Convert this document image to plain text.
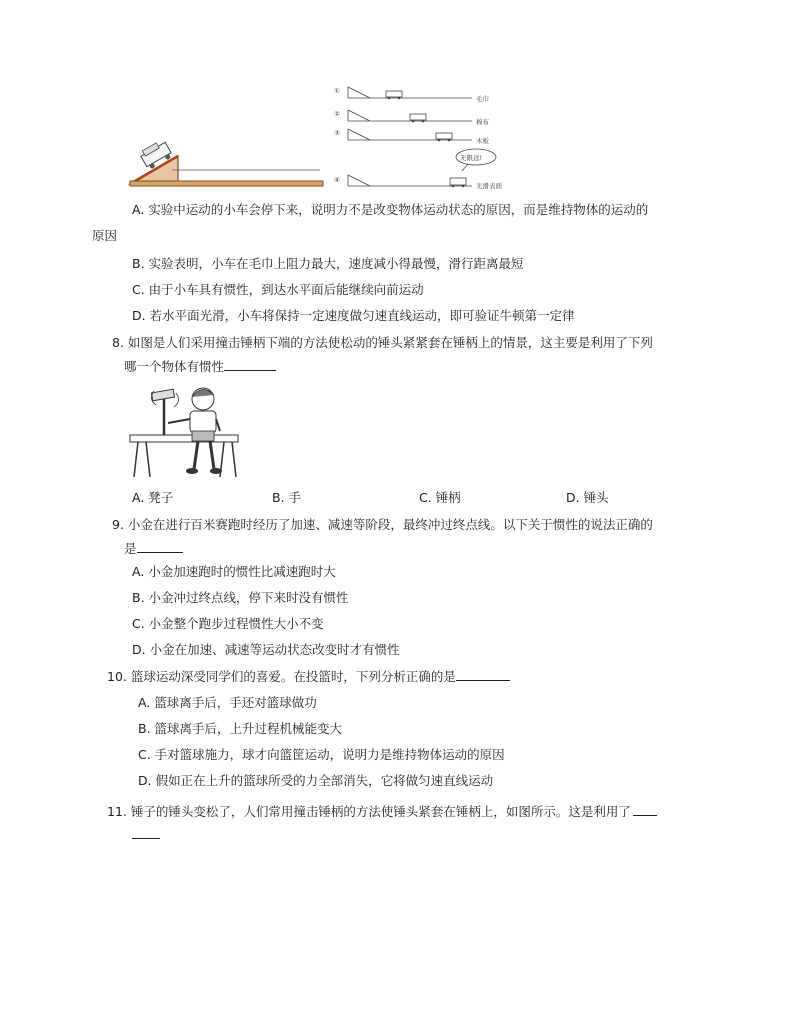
①
毛巾
②
棉布
③
木板
无限远!
④
光滑表面
A. 实验中运动的小车会停下来，说明力不是改变物体运动状态的原因，而是维持物体的运动的
原因
B. 实验表明，小车在毛巾上阻力最大，速度减小得最慢，滑行距离最短
C. 由于小车具有惯性，到达水平面后能继续向前运动
D. 若水平面光滑，小车将保持一定速度做匀速直线运动，即可验证牛顿第一定律
8. 如图是人们采用撞击锤柄下端的方法使松动的锤头紧紧套在锤柄上的情景，这主要是利用了下列
哪一个物体有惯性
A. 凳子	B. 手	C. 锤柄	D. 锤头
9. 小金在进行百米赛跑时经历了加速、减速等阶段，最终冲过终点线。以下关于惯性的说法正确的
是
A. 小金加速跑时的惯性比减速跑时大
B. 小金冲过终点线，停下来时没有惯性
C. 小金整个跑步过程惯性大小不变
D. 小金在加速、减速等运动状态改变时才有惯性
10. 篮球运动深受同学们的喜爱。在投篮时，下列分析正确的是
A. 篮球离手后，手还对篮球做功
B. 篮球离手后，上升过程机械能变大
C. 手对篮球施力，球才向篮筐运动，说明力是维持物体运动的原因
D. 假如正在上升的篮球所受的力全部消失，它将做匀速直线运动
11. 锤子的锤头变松了，人们常用撞击锤柄的方法使锤头紧套在锤柄上，如图所示。这是利用了
